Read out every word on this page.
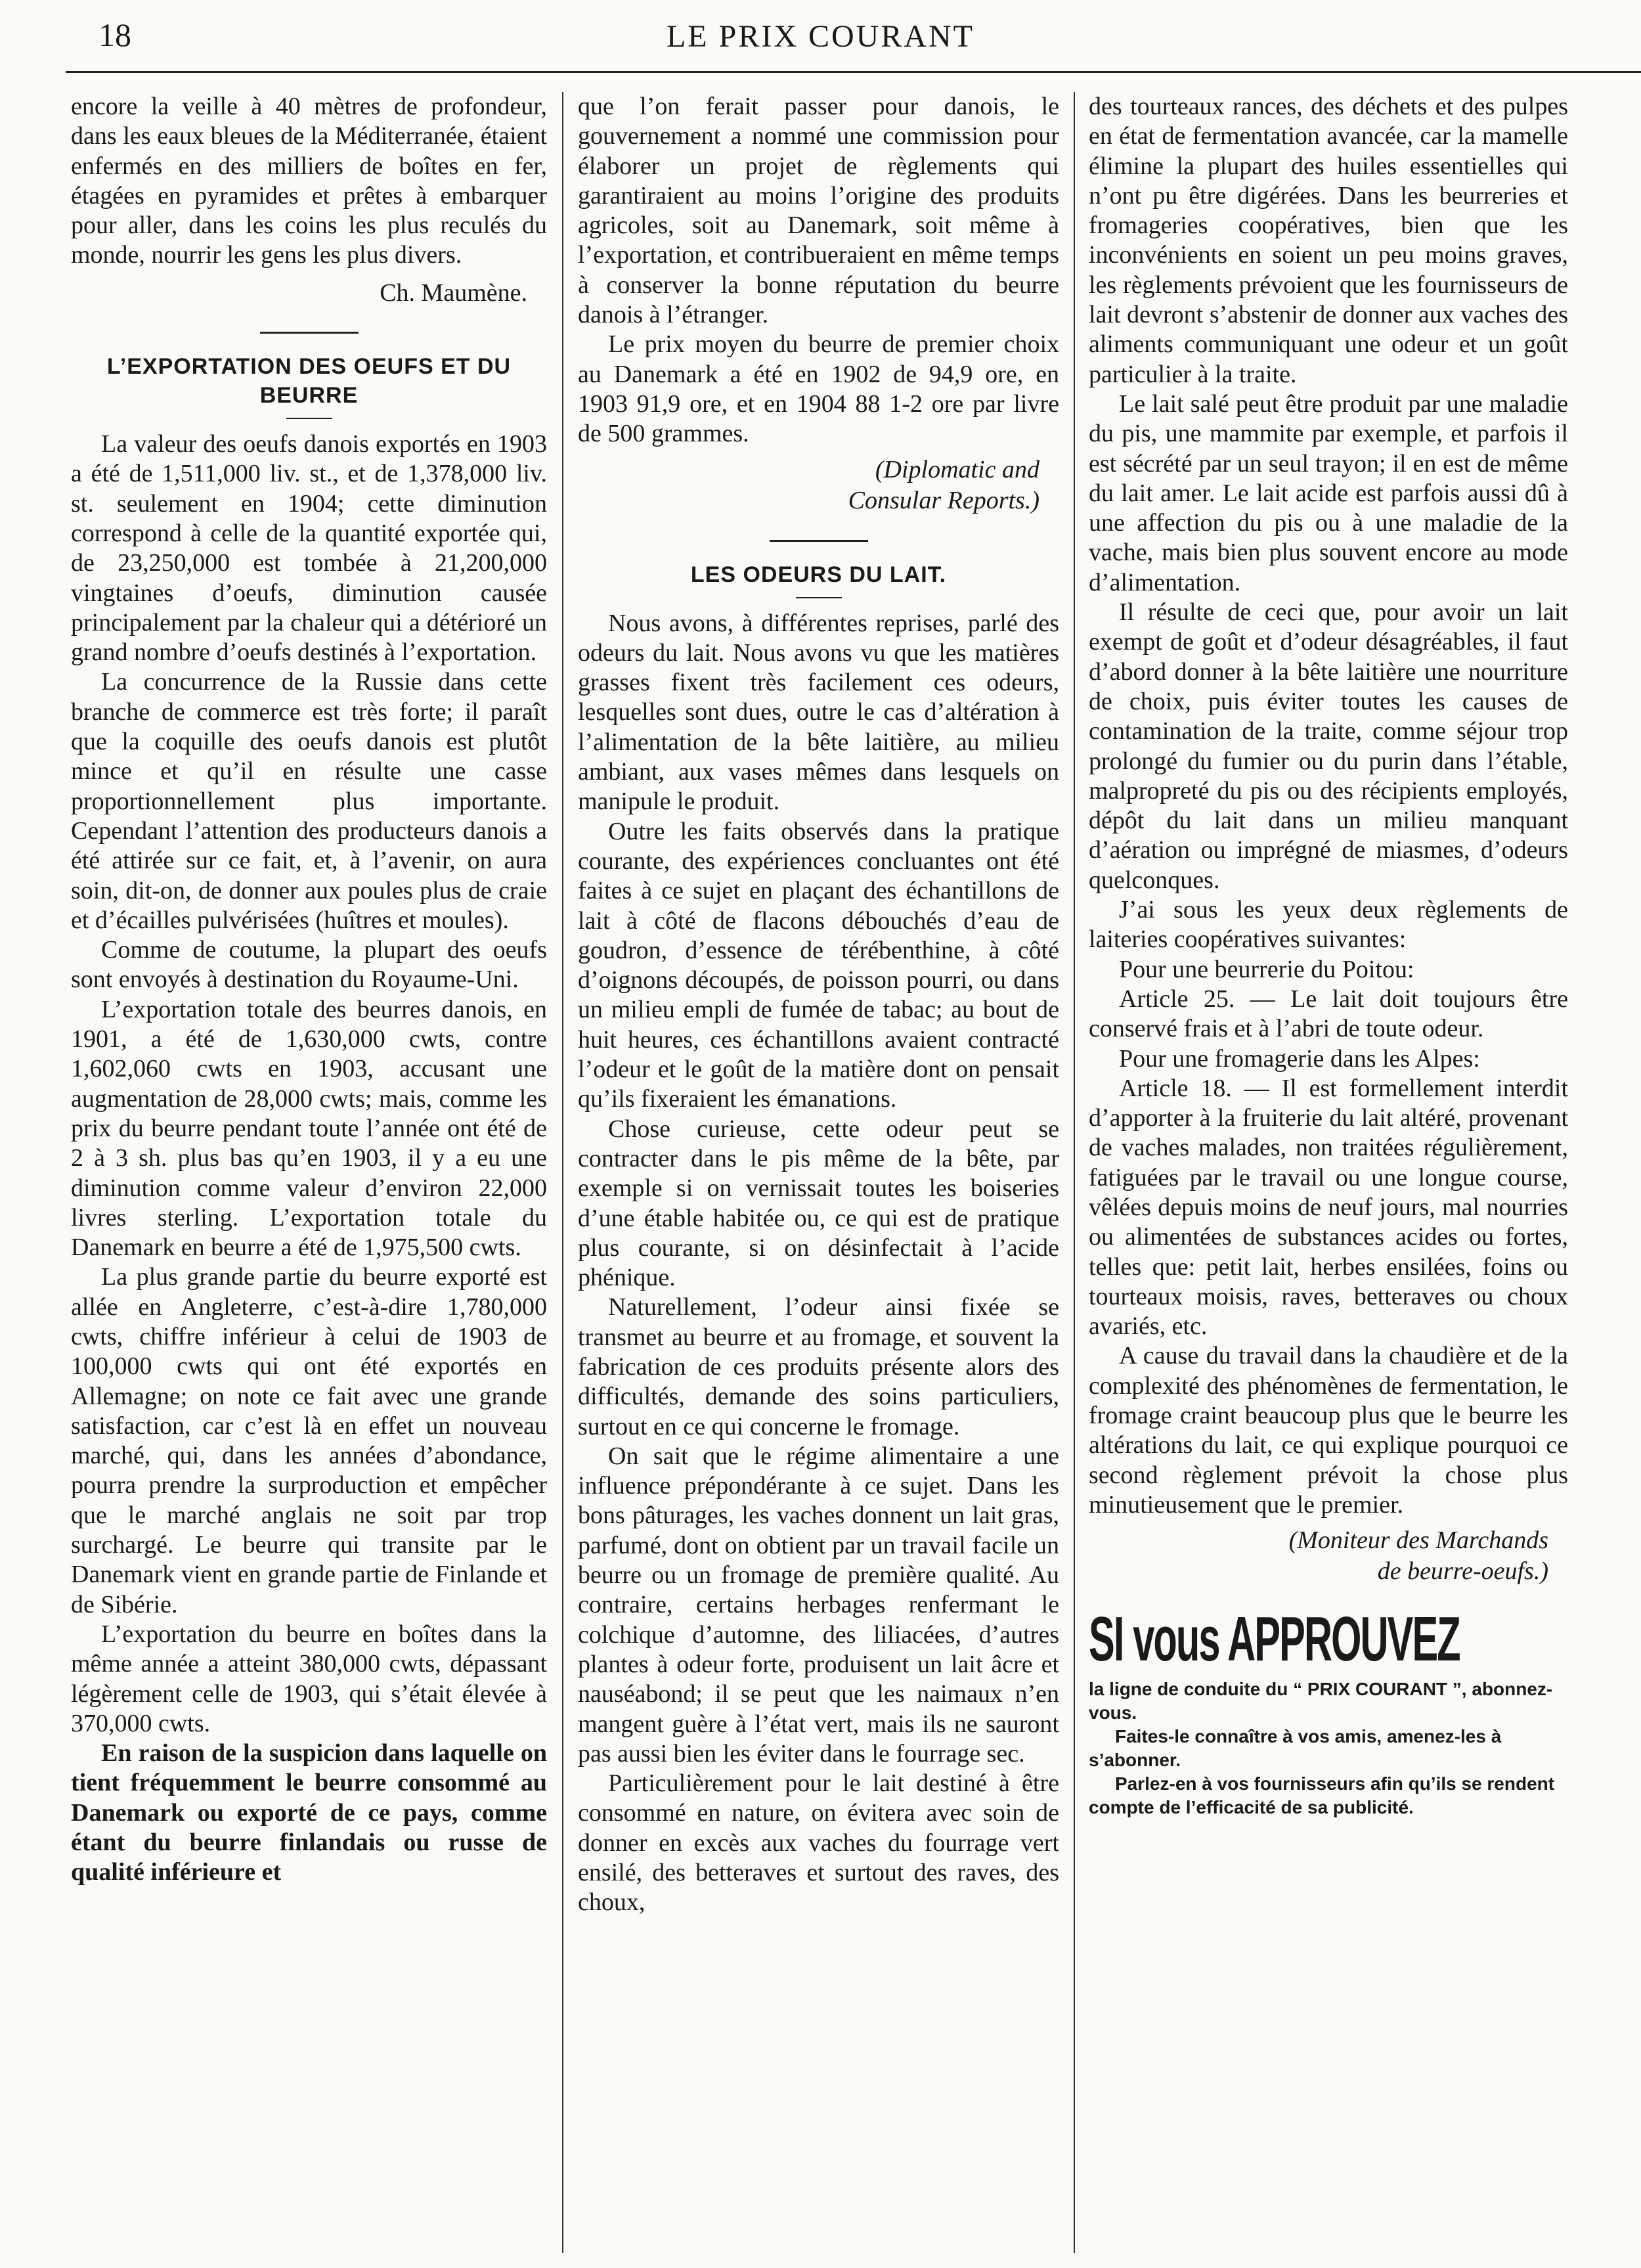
18	LE PRIX COURANT

encore la veille à 40 mètres de profondeur, dans les eaux bleues de la Méditerranée, étaient enfermés en des milliers de boîtes en fer, étagées en pyramides et prêtes à embarquer pour aller, dans les coins les plus reculés du monde, nourrir les gens les plus divers.

Ch. Maumène.

L’EXPORTATION DES OEUFS ET DU BEURRE

La valeur des oeufs danois exportés en 1903 a été de 1,511,000 liv. st., et de 1,378,000 liv. st. seulement en 1904; cette diminution correspond à celle de la quantité exportée qui, de 23,250,000 est tombée à 21,200,000 vingtaines d’oeufs, diminution causée principalement par la chaleur qui a détérioré un grand nombre d’oeufs destinés à l’exportation.

La concurrence de la Russie dans cette branche de commerce est très forte; il paraît que la coquille des oeufs danois est plutôt mince et qu’il en résulte une casse proportionnellement plus importante. Cependant l’attention des producteurs danois a été attirée sur ce fait, et, à l’avenir, on aura soin, dit-on, de donner aux poules plus de craie et d’écailles pulvérisées (huîtres et moules).

Comme de coutume, la plupart des oeufs sont envoyés à destination du Royaume-Uni.

L’exportation totale des beurres danois, en 1901, a été de 1,630,000 cwts, contre 1,602,060 cwts en 1903, accusant une augmentation de 28,000 cwts; mais, comme les prix du beurre pendant toute l’année ont été de 2 à 3 sh. plus bas qu’en 1903, il y a eu une diminution comme valeur d’environ 22,000 livres sterling. L’exportation totale du Danemark en beurre a été de 1,975,500 cwts.

La plus grande partie du beurre exporté est allée en Angleterre, c’est-à-dire 1,780,000 cwts, chiffre inférieur à celui de 1903 de 100,000 cwts qui ont été exportés en Allemagne; on note ce fait avec une grande satisfaction, car c’est là en effet un nouveau marché, qui, dans les années d’abondance, pourra prendre la surproduction et empêcher que le marché anglais ne soit par trop surchargé. Le beurre qui transite par le Danemark vient en grande partie de Finlande et de Sibérie.

L’exportation du beurre en boîtes dans la même année a atteint 380,000 cwts, dépassant légèrement celle de 1903, qui s’était élevée à 370,000 cwts.

En raison de la suspicion dans laquelle on tient fréquemment le beurre consommé au Danemark ou exporté de ce pays, comme étant du beurre finlandais ou russe de qualité inférieure et

que l’on ferait passer pour danois, le gouvernement a nommé une commission pour élaborer un projet de règlements qui garantiraient au moins l’origine des produits agricoles, soit au Danemark, soit même à l’exportation, et contribueraient en même temps à conserver la bonne réputation du beurre danois à l’étranger.

Le prix moyen du beurre de premier choix au Danemark a été en 1902 de 94,9 ore, en 1903 91,9 ore, et en 1904 88 1-2 ore par livre de 500 grammes.

(Diplomatic and
Consular Reports.)
LES ODEURS DU LAIT.

Nous avons, à différentes reprises, parlé des odeurs du lait. Nous avons vu que les matières grasses fixent très facilement ces odeurs, lesquelles sont dues, outre le cas d’altération à l’alimentation de la bête laitière, au milieu ambiant, aux vases mêmes dans lesquels on manipule le produit.

Outre les faits observés dans la pratique courante, des expériences concluantes ont été faites à ce sujet en plaçant des échantillons de lait à côté de flacons débouchés d’eau de goudron, d’essence de térébenthine, à côté d’oignons découpés, de poisson pourri, ou dans un milieu empli de fumée de tabac; au bout de huit heures, ces échantillons avaient contracté l’odeur et le goût de la matière dont on pensait qu’ils fixeraient les émanations.

Chose curieuse, cette odeur peut se contracter dans le pis même de la bête, par exemple si on vernissait toutes les boiseries d’une étable habitée ou, ce qui est de pratique plus courante, si on désinfectait à l’acide phénique.

Naturellement, l’odeur ainsi fixée se transmet au beurre et au fromage, et souvent la fabrication de ces produits présente alors des difficultés, demande des soins particuliers, surtout en ce qui concerne le fromage.

On sait que le régime alimentaire a une influence prépondérante à ce sujet. Dans les bons pâturages, les vaches donnent un lait gras, parfumé, dont on obtient par un travail facile un beurre ou un fromage de première qualité. Au contraire, certains herbages renfermant le colchique d’automne, des liliacées, d’autres plantes à odeur forte, produisent un lait âcre et nauséabond; il se peut que les naimaux n’en mangent guère à l’état vert, mais ils ne sauront pas aussi bien les éviter dans le fourrage sec.

Particulièrement pour le lait destiné à être consommé en nature, on évitera avec soin de donner en excès aux vaches du fourrage vert ensilé, des betteraves et surtout des raves, des choux,

des tourteaux rances, des déchets et des pulpes en état de fermentation avancée, car la mamelle élimine la plupart des huiles essentielles qui n’ont pu être digérées. Dans les beurreries et fromageries coopératives, bien que les inconvénients en soient un peu moins graves, les règlements prévoient que les fournisseurs de lait devront s’abstenir de donner aux vaches des aliments communiquant une odeur et un goût particulier à la traite.

Le lait salé peut être produit par une maladie du pis, une mammite par exemple, et parfois il est sécrété par un seul trayon; il en est de même du lait amer. Le lait acide est parfois aussi dû à une affection du pis ou à une maladie de la vache, mais bien plus souvent encore au mode d’alimentation.

Il résulte de ceci que, pour avoir un lait exempt de goût et d’odeur désagréables, il faut d’abord donner à la bête laitière une nourriture de choix, puis éviter toutes les causes de contamination de la traite, comme séjour trop prolongé du fumier ou du purin dans l’étable, malpropreté du pis ou des récipients employés, dépôt du lait dans un milieu manquant d’aération ou imprégné de miasmes, d’odeurs quelconques.

J’ai sous les yeux deux règlements de laiteries coopératives suivantes:

Pour une beurrerie du Poitou:

Article 25. — Le lait doit toujours être conservé frais et à l’abri de toute odeur.

Pour une fromagerie dans les Alpes:

Article 18. — Il est formellement interdit d’apporter à la fruiterie du lait altéré, provenant de vaches malades, non traitées régulièrement, fatiguées par le travail ou une longue course, vêlées depuis moins de neuf jours, mal nourries ou alimentées de substances acides ou fortes, telles que: petit lait, herbes ensilées, foins ou tourteaux moisis, raves, betteraves ou choux avariés, etc.

A cause du travail dans la chaudière et de la complexité des phénomènes de fermentation, le fromage craint beaucoup plus que le beurre les altérations du lait, ce qui explique pourquoi ce second règlement prévoit la chose plus minutieusement que le premier.

(Moniteur des Marchands
de beurre-oeufs.)
SI vous APPROUVEZ

la ligne de conduite du “ PRIX COURANT ”, abonnez-vous.

Faites-le connaître à vos amis, amenez-les à s’abonner.

Parlez-en à vos fournisseurs afin qu’ils se rendent compte de l’efficacité de sa publicité.
